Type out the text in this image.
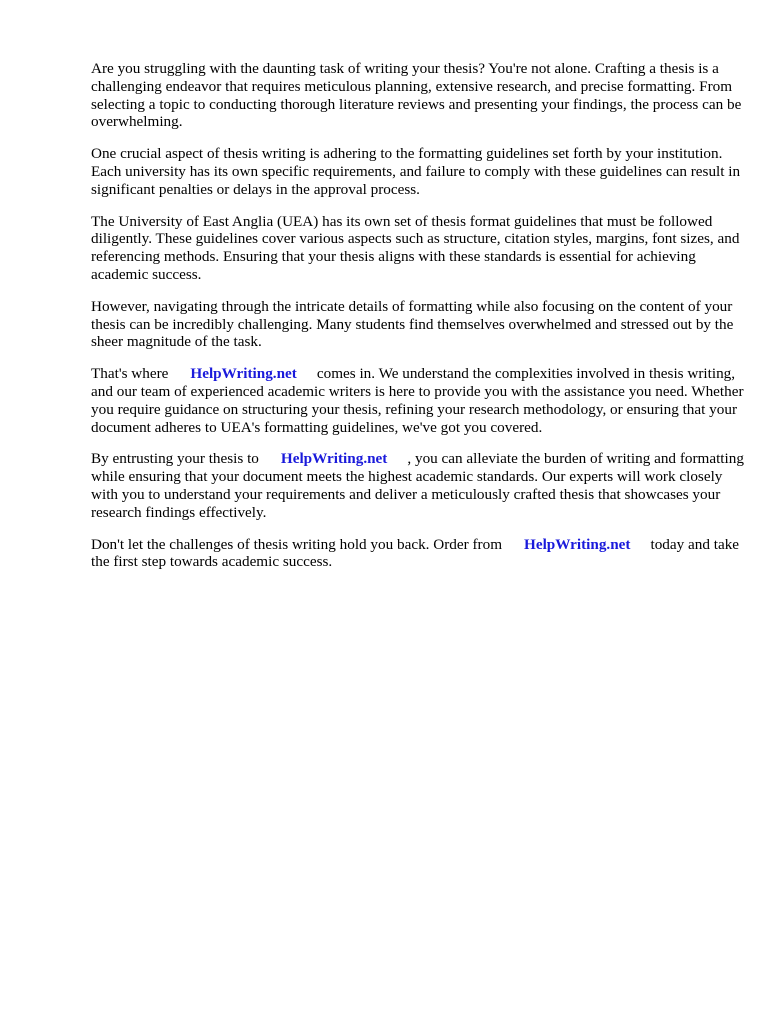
Are you struggling with the daunting task of writing your thesis? You're not alone. Crafting a thesis is a challenging endeavor that requires meticulous planning, extensive research, and precise formatting. From selecting a topic to conducting thorough literature reviews and presenting your findings, the process can be overwhelming.

One crucial aspect of thesis writing is adhering to the formatting guidelines set forth by your institution. Each university has its own specific requirements, and failure to comply with these guidelines can result in significant penalties or delays in the approval process.

The University of East Anglia (UEA) has its own set of thesis format guidelines that must be followed diligently. These guidelines cover various aspects such as structure, citation styles, margins, font sizes, and referencing methods. Ensuring that your thesis aligns with these standards is essential for achieving academic success.

However, navigating through the intricate details of formatting while also focusing on the content of your thesis can be incredibly challenging. Many students find themselves overwhelmed and stressed out by the sheer magnitude of the task.

That's where HelpWriting.net comes in. We understand the complexities involved in thesis writing, and our team of experienced academic writers is here to provide you with the assistance you need. Whether you require guidance on structuring your thesis, refining your research methodology, or ensuring that your document adheres to UEA's formatting guidelines, we've got you covered.

By entrusting your thesis to HelpWriting.net , you can alleviate the burden of writing and formatting while ensuring that your document meets the highest academic standards. Our experts will work closely with you to understand your requirements and deliver a meticulously crafted thesis that showcases your research findings effectively.

Don't let the challenges of thesis writing hold you back. Order from HelpWriting.net today and take the first step towards academic success.
